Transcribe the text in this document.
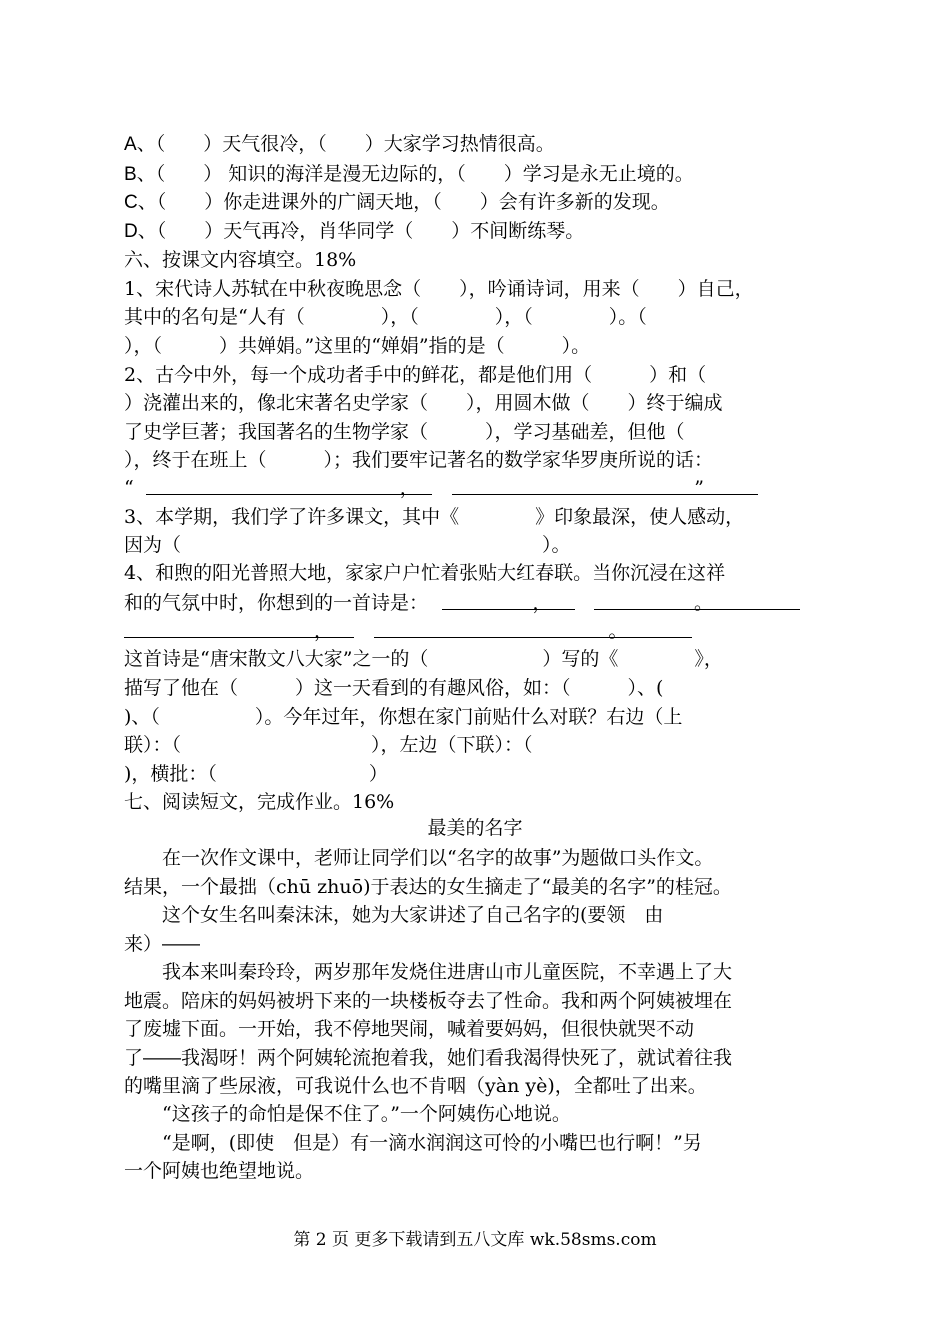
A、（　　）天气很冷，（　　）大家学习热情很高。
B、（　　） 知识的海洋是漫无边际的，（　　）学习是永无止境的。
C、（　　）你走进课外的广阔天地，（　　）会有许多新的发现。
D、（　　）天气再冷，肖华同学（　　）不间断练琴。
六、按课文内容填空。18%
1、宋代诗人苏轼在中秋夜晚思念（　　），吟诵诗词，用来（　　）自己，
其中的名句是“人有（　　　　），（　　　　），（　　　　）。（
），（　　　）共婵娟。”这里的“婵娟”指的是（　　　）。
2、古今中外，每一个成功者手中的鲜花，都是他们用（　　　）和（
）浇灌出来的，像北宋著名史学家（　　），用圆木做（　　）终于编成
了史学巨著；我国著名的生物学家（　　　），学习基础差，但他（
），终于在班上（　　　）；我们要牢记著名的数学家华罗庚所说的话：
“　　　　　　　　　　　　　　，　　　　　　　　　　　　　　　”
3、本学期，我们学了许多课文，其中《　　　　》印象最深，使人感动，
因为（　　　　　　　　　　　　　　　　　　　）。
4、和煦的阳光普照大地，家家户户忙着张贴大红春联。当你沉浸在这祥
和的气氛中时，你想到的一首诗是：　　　　　　，　　　　　　　　。
　　　　　　　　　　，　　　　　　　　　　　　　　　。
这首诗是“唐宋散文八大家”之一的（　　　　　　）写的《　　　　》，
描写了他在（　　　）这一天看到的有趣风俗，如：（　　　）、(
)、（　　　　　）。今年过年，你想在家门前贴什么对联？右边（上
联）：（　　　　　　　　　　），左边（下联）：（
)，横批：（　　　　　　　　）
七、阅读短文，完成作业。16%
最美的名字
　　在一次作文课中，老师让同学们以“名字的故事”为题做口头作文。
结果，一个最拙（chū zhuō)于表达的女生摘走了“最美的名字”的桂冠。
　　这个女生名叫秦沫沫，她为大家讲述了自己名字的(要领　由
来）――
　　我本来叫秦玲玲，两岁那年发烧住进唐山市儿童医院，不幸遇上了大
地震。陪床的妈妈被坍下来的一块楼板夺去了性命。我和两个阿姨被埋在
了废墟下面。一开始，我不停地哭闹，喊着要妈妈，但很快就哭不动
了――我渴呀！两个阿姨轮流抱着我，她们看我渴得快死了，就试着往我
的嘴里滴了些尿液，可我说什么也不肯咽（yàn yè)，全都吐了出来。
　　“这孩子的命怕是保不住了。”一个阿姨伤心地说。
　　“是啊，(即使　但是）有一滴水润润这可怜的小嘴巴也行啊！”另
一个阿姨也绝望地说。
第 2 页 更多下载请到五八文库 wk.58sms.com
